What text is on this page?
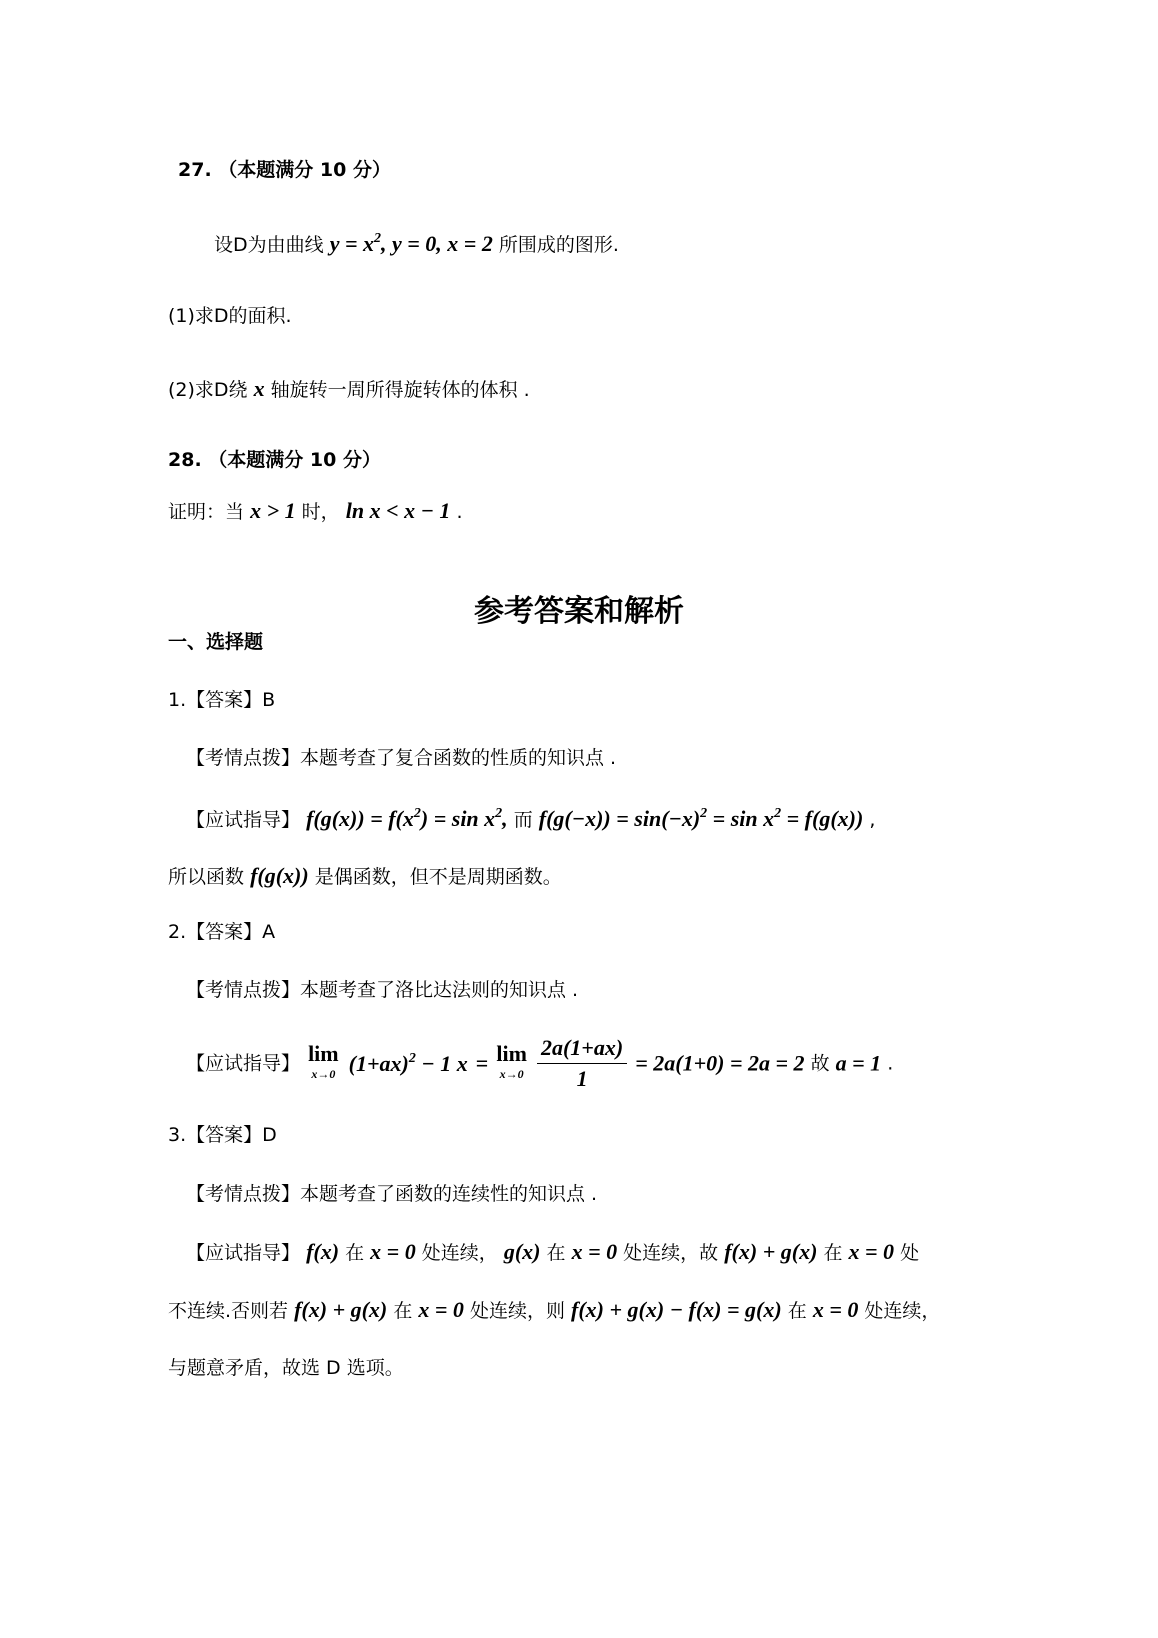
27. （本题满分 10 分）
设D为由曲线 $y = x^2$, y = 0, x = 2 所围成的图形.
(1)求D的面积.
(2)求D绕 x 轴旋转一周所得旋转体的体积 .
28. （本题满分 10 分）
证明：当 x > 1 时， ln x < x − 1 .
参考答案和解析
一、选择题
1.【答案】B
【考情点拨】本题考查了复合函数的性质的知识点 .
【应试指导】 $f(g(x)) = f(x^2) = \sin x^2$, 而 $f(g(-x)) = \sin(-x)^2 = \sin x^2 = f(g(x))$ ,
所以函数 f(g(x)) 是偶函数，但不是周期函数。
2.【答案】A
【考情点拨】本题考查了洛比达法则的知识点 .
【应试指导】 lim
x→0 $(1+ax)^2 - 1$ x = lim
x→0
$\frac{2a(1+ax)}{1} = 2a(1+0) = 2a = 2$ 故 a = 1 .
3.【答案】D
【考情点拨】本题考查了函数的连续性的知识点 .
【应试指导】 f(x) 在 x = 0 处连续， g(x) 在 x = 0 处连续，故 f(x) + g(x) 在 x = 0 处
不连续.否则若 f(x) + g(x) 在 x = 0 处连续，则 f(x) + g(x) − f(x) = g(x) 在 x = 0 处连续，
与题意矛盾，故选 D 选项。
